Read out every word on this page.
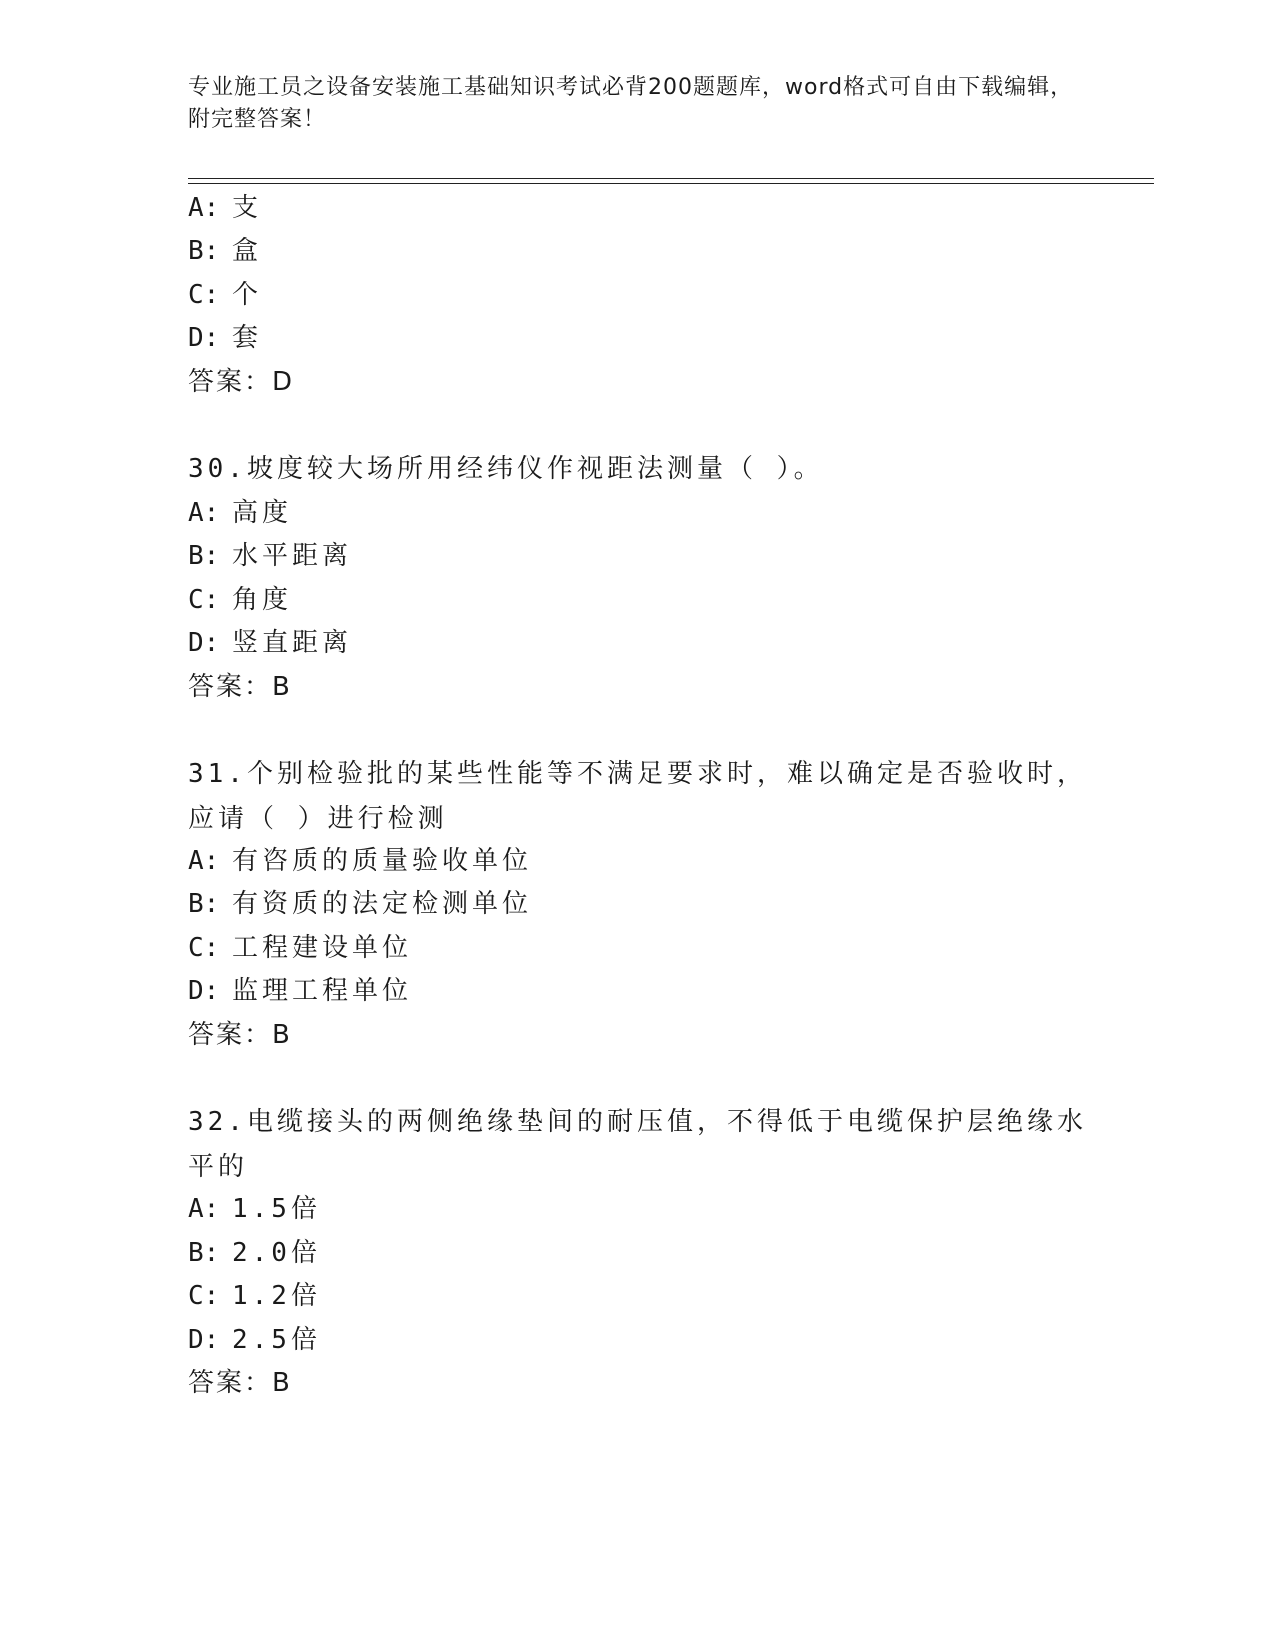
专业施工员之设备安装施工基础知识考试必背200题题库，word格式可自由下载编辑，附完整答案！
A: 支
B: 盒
C: 个
D: 套
答案：D
30.坡度较大场所用经纬仪作视距法测量（ ）。
A: 高度
B: 水平距离
C: 角度
D: 竖直距离
答案：B
31.个别检验批的某些性能等不满足要求时，难以确定是否验收时，应请（ ）进行检测
A: 有咨质的质量验收单位
B: 有资质的法定检测单位
C: 工程建设单位
D: 监理工程单位
答案：B
32.电缆接头的两侧绝缘垫间的耐压值，不得低于电缆保护层绝缘水平的
A: 1.5倍
B: 2.0倍
C: 1.2倍
D: 2.5倍
答案：B
